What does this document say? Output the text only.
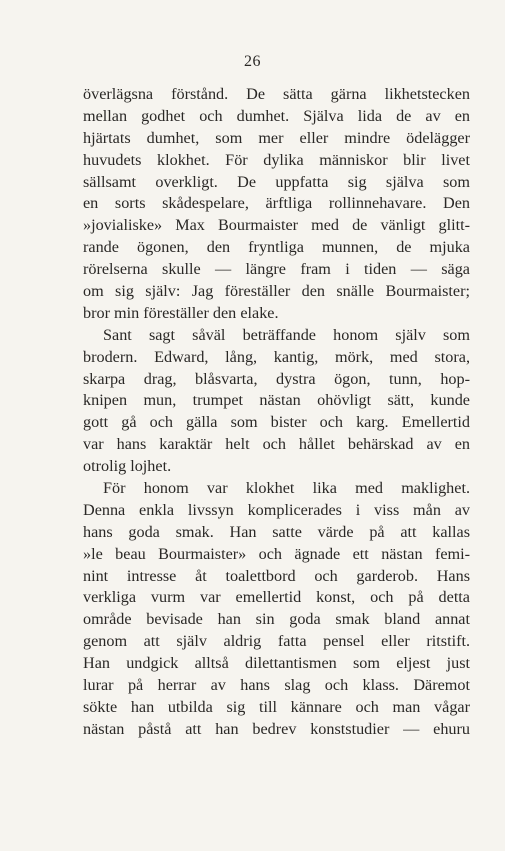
26
överlägsna förstånd. De sätta gärna likhetstecken
mellan godhet och dumhet. Själva lida de av en
hjärtats dumhet, som mer eller mindre ödelägger
huvudets klokhet. För dylika människor blir livet
sällsamt overkligt. De uppfatta sig själva som
en sorts skådespelare, ärftliga rollinnehavare. Den
»jovialiske» Max Bourmaister med de vänligt glitt-
rande ögonen, den fryntliga munnen, de mjuka
rörelserna skulle — längre fram i tiden — säga
om sig själv: Jag föreställer den snälle Bourmaister;
bror min föreställer den elake.
Sant sagt såväl beträffande honom själv som
brodern. Edward, lång, kantig, mörk, med stora,
skarpa drag, blåsvarta, dystra ögon, tunn, hop-
knipen mun, trumpet nästan ohövligt sätt, kunde
gott gå och gälla som bister och karg. Emellertid
var hans karaktär helt och hållet behärskad av en
otrolig lojhet.
För honom var klokhet lika med maklighet.
Denna enkla livssyn komplicerades i viss mån av
hans goda smak. Han satte värde på att kallas
»le beau Bourmaister» och ägnade ett nästan femi-
nint intresse åt toalettbord och garderob. Hans
verkliga vurm var emellertid konst, och på detta
område bevisade han sin goda smak bland annat
genom att själv aldrig fatta pensel eller ritstift.
Han undgick alltså dilettantismen som eljest just
lurar på herrar av hans slag och klass. Däremot
sökte han utbilda sig till kännare och man vågar
nästan påstå att han bedrev konststudier — ehuru
